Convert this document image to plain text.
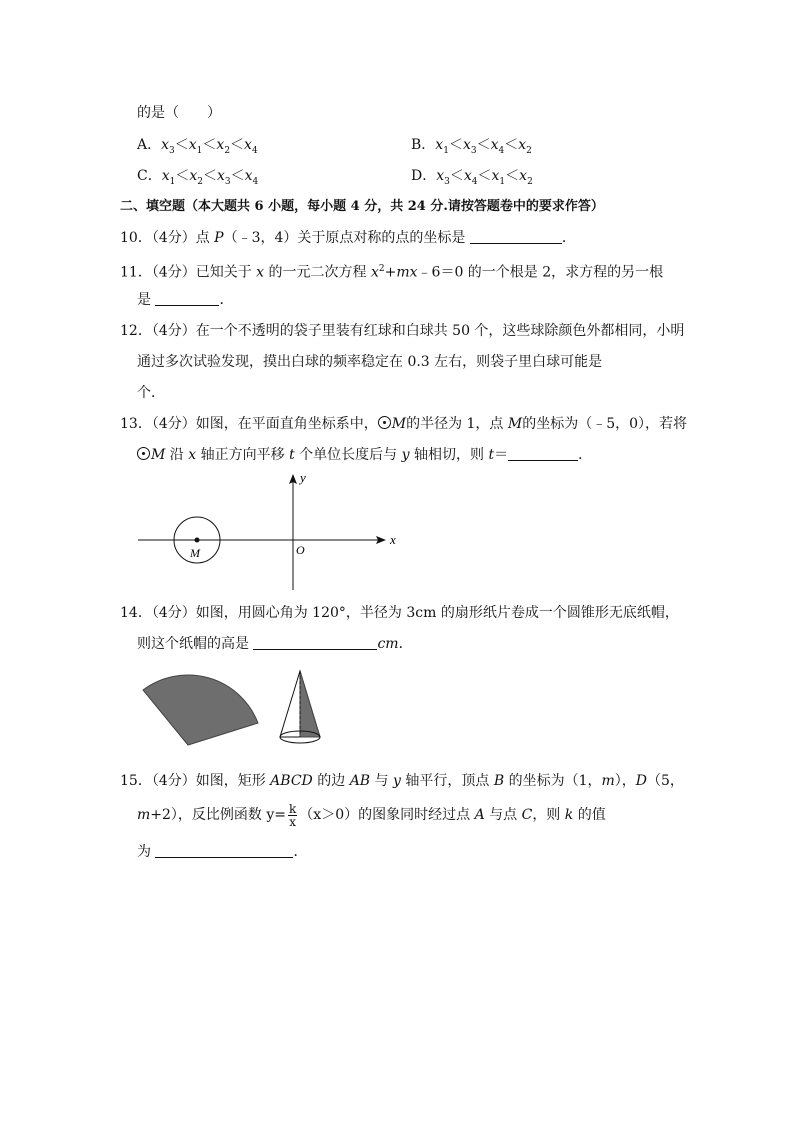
的是（　　）
A．$x_3<x_1<x_2<x_4$	B．$x_1<x_3<x_4<x_2$
C．$x_1<x_2<x_3<x_4$	D．$x_3<x_4<x_1<x_2$
二、填空题（本大题共 6 小题，每小题 4 分，共 24 分.请按答题卷中的要求作答）
10．（4分）点 P（﹣3，4）关于原点对称的点的坐标是	．
11．（4分）已知关于 x 的一元二次方程 $x^2+mx﹣6=0$ 的一个根是 2，求方程的另一根
是	．
12．（4分）在一个不透明的袋子里装有红球和白球共 50 个，这些球除颜色外都相同，小明
通过多次试验发现，摸出白球的频率稳定在 0.3 左右，则袋子里白球可能是
个．
13．（4分）如图，在平面直角坐标系中， M的半径为 1，点 M的坐标为（﹣5，0），若将
M 沿 x 轴正方向平移 t 个单位长度后与 y 轴相切，则 t＝	．
y
x
O
M
14．（4分）如图，用圆心角为 120°，半径为 3cm 的扇形纸片卷成一个圆锥形无底纸帽，
则这个纸帽的高是	cm．
15．（4分）如图，矩形 ABCD 的边 AB 与 y 轴平行，顶点 B 的坐标为（1，m），D（5，
m+2），反比例函数 $y= \frac{k}{x} (x>0)$的图象同时经过点 A 与点 C，则 k 的值
为	．
